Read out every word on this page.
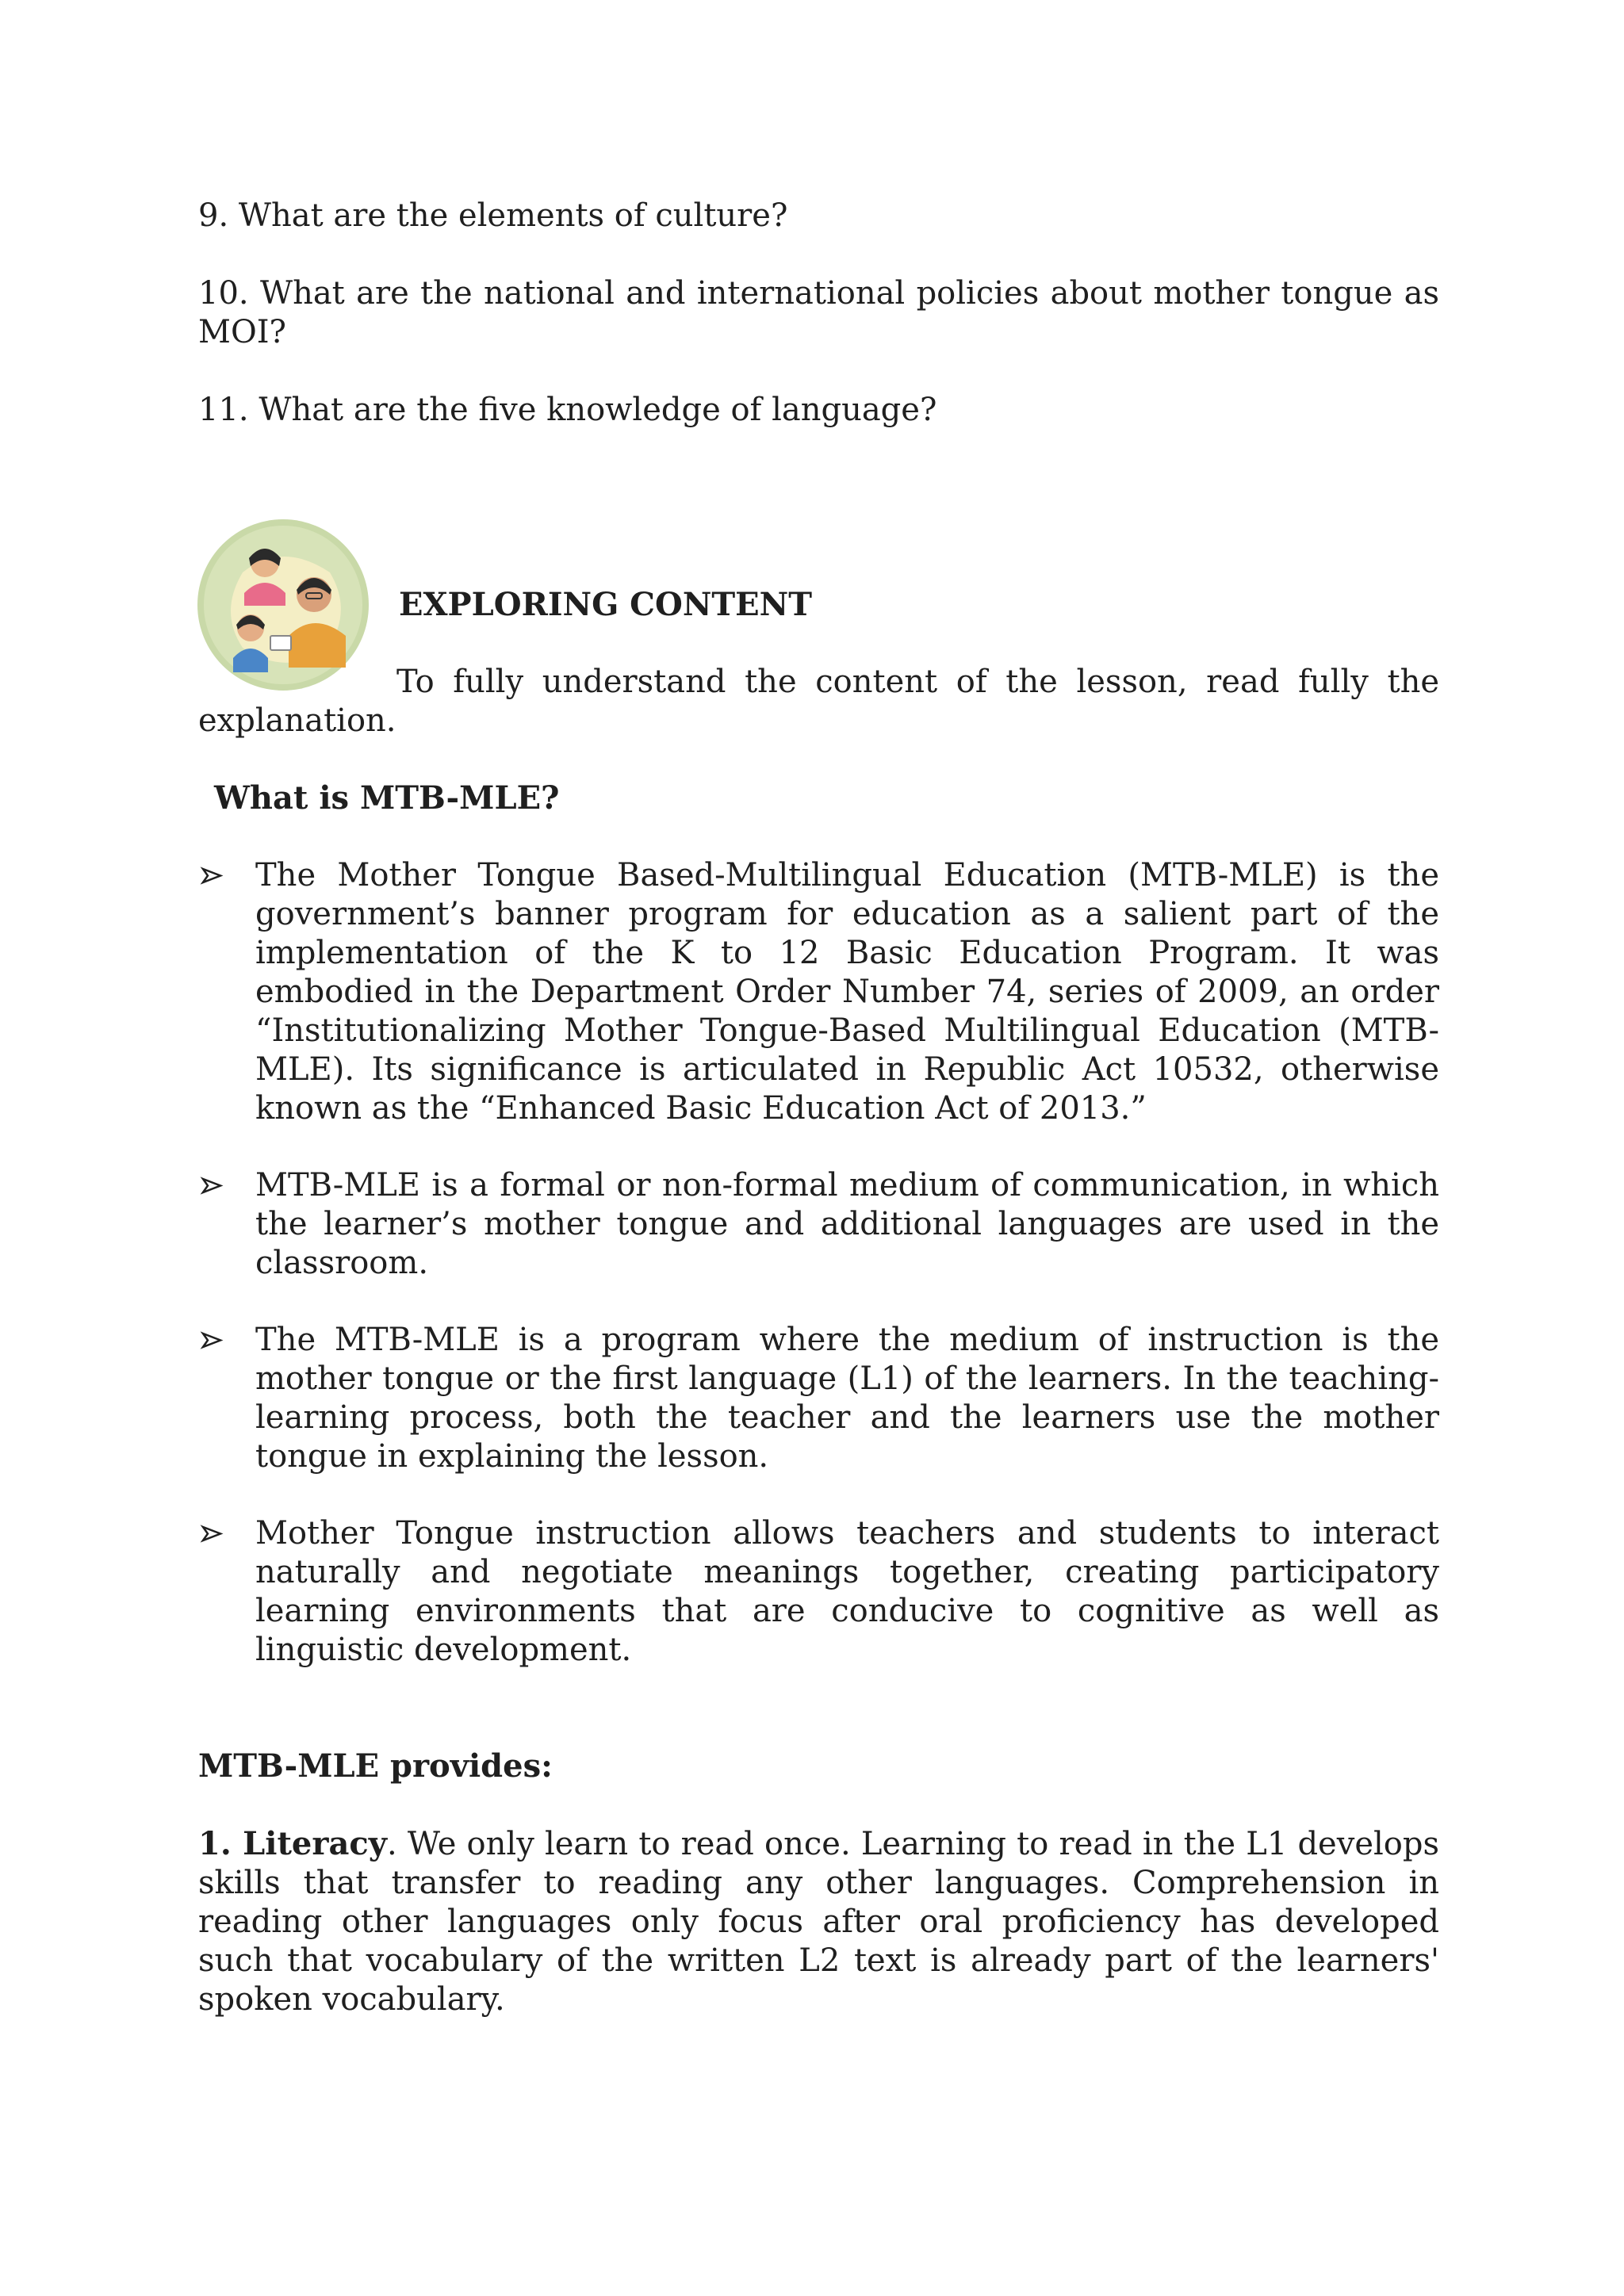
9. What are the elements of culture?

10. What are the national and international policies about mother tongue as MOI?

11. What are the five knowledge of language?

EXPLORING CONTENT

To fully understand the content of the lesson, read fully the explanation.

What is MTB-MLE?

The Mother Tongue Based-Multilingual Education (MTB-MLE) is the government’s banner program for education as a salient part of the implementation of the K to 12 Basic Education Program. It was embodied in the Department Order Number 74, series of 2009, an order “Institutionalizing Mother Tongue-Based Multilingual Education (MTB-MLE). Its significance is articulated in Republic Act 10532, otherwise known as the “Enhanced Basic Education Act of 2013.”
MTB-MLE is a formal or non-formal medium of communication, in which the learner’s mother tongue and additional languages are used in the classroom.
The MTB-MLE is a program where the medium of instruction is the mother tongue or the first language (L1) of the learners. In the teaching-learning process, both the teacher and the learners use the mother tongue in explaining the lesson.
Mother Tongue instruction allows teachers and students to interact naturally and negotiate meanings together, creating participatory learning environments that are conducive to cognitive as well as linguistic development.

MTB-MLE provides:

1. Literacy. We only learn to read once. Learning to read in the L1 develops skills that transfer to reading any other languages. Comprehension in reading other languages only focus after oral proficiency has developed such that vocabulary of the written L2 text is already part of the learners' spoken vocabulary.
